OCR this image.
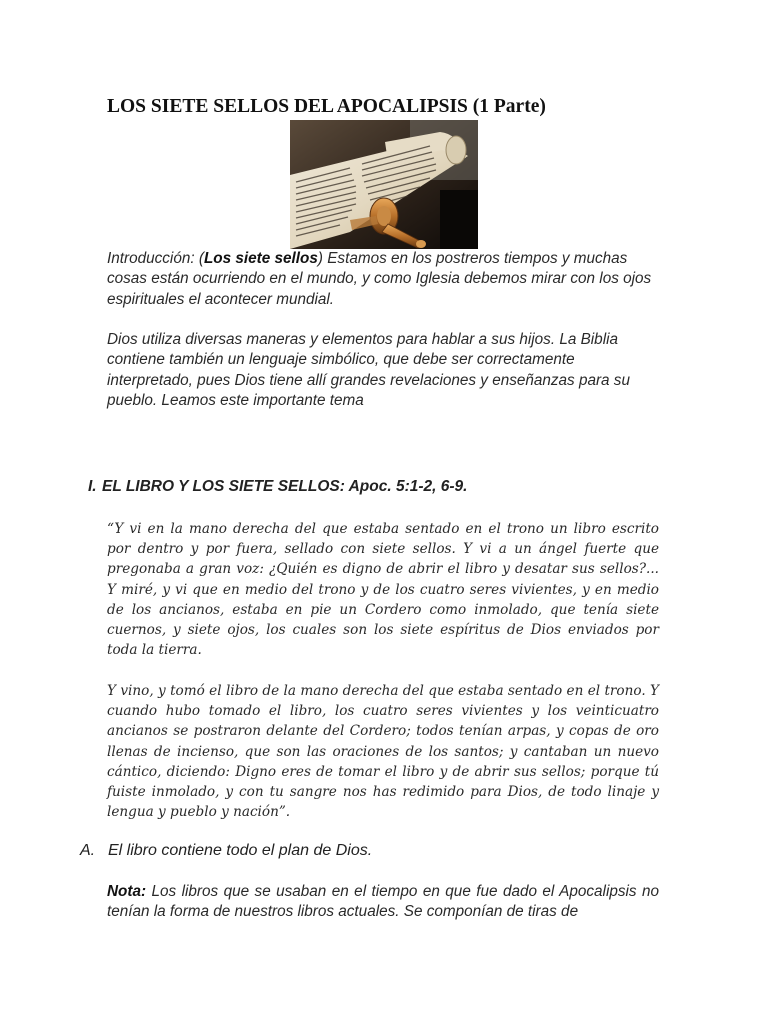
LOS SIETE SELLOS DEL APOCALIPSIS (1 Parte)

Introducción: (Los siete sellos) Estamos en los postreros tiempos y muchas cosas están ocurriendo en el mundo, y como Iglesia debemos mirar con los ojos espirituales el acontecer mundial.

Dios utiliza diversas maneras y elementos para hablar a sus hijos. La Biblia contiene también un lenguaje simbólico, que debe ser correctamente interpretado, pues Dios tiene allí grandes revelaciones y enseñanzas para su pueblo. Leamos este importante tema

I. EL LIBRO Y LOS SIETE SELLOS: Apoc. 5:1-2, 6-9.

“Y vi en la mano derecha del que estaba sentado en el trono un libro escrito por dentro y por fuera, sellado con siete sellos. Y vi a un ángel fuerte que pregonaba a gran voz: ¿Quién es digno de abrir el libro y desatar sus sellos?... Y miré, y vi que en medio del trono y de los cuatro seres vivientes, y en medio de los ancianos, estaba en pie un Cordero como inmolado, que tenía siete cuernos, y siete ojos, los cuales son los siete espíritus de Dios enviados por toda la tierra.

Y vino, y tomó el libro de la mano derecha del que estaba sentado en el trono. Y cuando hubo tomado el libro, los cuatro seres vivientes y los veinticuatro ancianos se postraron delante del Cordero; todos tenían arpas, y copas de oro llenas de incienso, que son las oraciones de los santos; y cantaban un nuevo cántico, diciendo: Digno eres de tomar el libro y de abrir sus sellos; porque tú fuiste inmolado, y con tu sangre nos has redimido para Dios, de todo linaje y lengua y pueblo y nación”.

A. El libro contiene todo el plan de Dios.

Nota: Los libros que se usaban en el tiempo en que fue dado el Apocalipsis no tenían la forma de nuestros libros actuales. Se componían de tiras de
